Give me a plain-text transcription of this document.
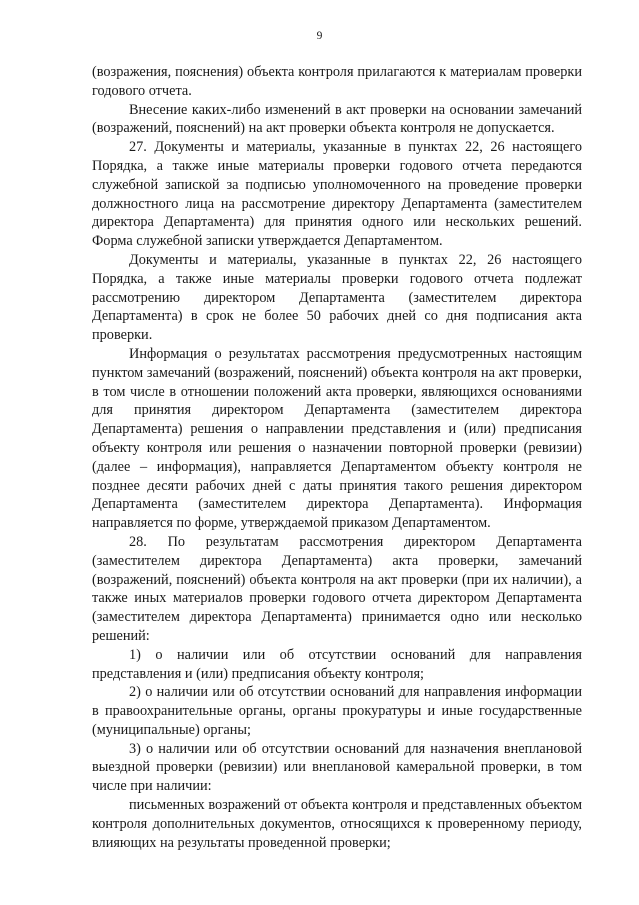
9

(возражения, пояснения) объекта контроля прилагаются к материалам проверки годового отчета.

Внесение каких-либо изменений в акт проверки на основании замечаний (возражений, пояснений) на акт проверки объекта контроля не допускается.

27. Документы и материалы, указанные в пунктах 22, 26 настоящего Порядка, а также иные материалы проверки годового отчета передаются служебной запиской за подписью уполномоченного на проведение проверки должностного лица на рассмотрение директору Департамента (заместителем директора Департамента) для принятия одного или нескольких решений. Форма служебной записки утверждается Департаментом.

Документы и материалы, указанные в пунктах 22, 26 настоящего Порядка, а также иные материалы проверки годового отчета подлежат рассмотрению директором Департамента (заместителем директора Департамента) в срок не более 50 рабочих дней со дня подписания акта проверки.

Информация о результатах рассмотрения предусмотренных настоящим пунктом замечаний (возражений, пояснений) объекта контроля на акт проверки, в том числе в отношении положений акта проверки, являющихся основаниями для принятия директором Департамента (заместителем директора Департамента) решения о направлении представления и (или) предписания объекту контроля или решения о назначении повторной проверки (ревизии) (далее – информация), направляется Департаментом объекту контроля не позднее десяти рабочих дней с даты принятия такого решения директором Департамента (заместителем директора Департамента). Информация направляется по форме, утверждаемой приказом Департаментом.

28. По результатам рассмотрения директором Департамента (заместителем директора Департамента) акта проверки, замечаний (возражений, пояснений) объекта контроля на акт проверки (при их наличии), а также иных материалов проверки годового отчета директором Департамента (заместителем директора Департамента) принимается одно или несколько решений:

1) о наличии или об отсутствии оснований для направления представления и (или) предписания объекту контроля;

2) о наличии или об отсутствии оснований для направления информации в правоохранительные органы, органы прокуратуры и иные государственные (муниципальные) органы;

3) о наличии или об отсутствии оснований для назначения внеплановой выездной проверки (ревизии) или внеплановой камеральной проверки, в том числе при наличии:

письменных возражений от объекта контроля и представленных объектом контроля дополнительных документов, относящихся к проверенному периоду, влияющих на результаты проведенной проверки;
